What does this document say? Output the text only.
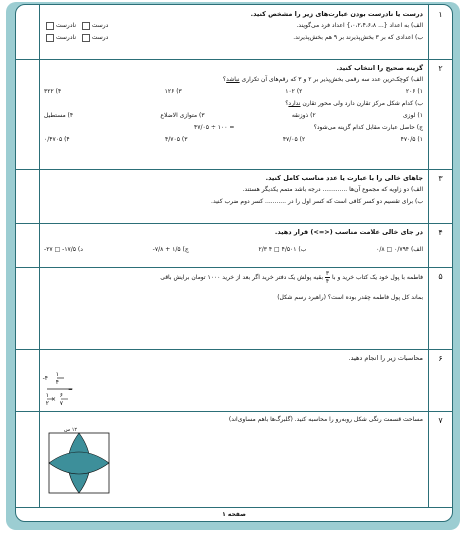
۱
درست یا نادرست بودن عبارت‌های زیر را مشخص کنید.
الف) به اعداد {... ۰،۲،۴،۶،۸،} اعداد فرد می‌گویند.
درست  نادرست
ب) اعدادی که بر ۳ بخش‌پذیرند بر ۹ هم بخش‌پذیرند.
درست  نادرست
۲
گزینه صحیح را انتخاب کنید.
الف) کوچک‌ترین عدد سه رقمی بخش‌پذیر بر ۲ و ۳ که رقم‌های آن تکراری نباشد؟
۱) ۲۰۶
۲) ۱۰۲
۳) ۱۲۶
۴) ۳۲۲
ب) کدام شکل مرکز تقارن دارد ولی محور تقارن ندارد؟
۱) لوزی
۲) ذوزنقه
۳) متوازی الاضلاع
۴) مستطیل
ج) حاصل عبارت مقابل کدام گزینه می‌شود؟
۴۷/۰۵ ÷ ۱۰۰ =
۱) ۴۷۰/۵
۲) ۴۷/۰۵
۳) ۴/۷۰۵
۴) ۰/۴۷۰۵
۳
جاهای خالی را با عبارت یا عدد مناسب کامل کنید.
الف) دو زاویه که مجموع آن‌ها ............. درجه باشد متمم یکدیگر هستند.
ب) برای تقسیم دو کسر کافی است که کسر اول را در ........... کسر دوم ضرب کنید.
۴
در جای خالی علامت مناسب (<=>) قرار دهید.
الف) ۰/۷۹۴ □ ۰/۸
ب) ۴/۵۰۱ □ ۴ ۲/۳
ج) ۱/۵ + ۷/۸-
د) ۱۷/۵- □ ۲۷-
۵
فاطمه با پول خود یک کتاب خرید و با
$\frac{۳}{۴}$ بقیه پولش یک دفتر خرید اگر بعد از خرید ۱۰۰۰ تومان برایش باقی
بماند کل پول فاطمه چقدر بوده است؟ (راهبرد رسم شکل)
۶
محاسبات زیر را انجام دهید.
۴-
۱
۴
=
۱
۲
×
۶
۷
۷
مساحت قسمت رنگی شکل روبه‌رو را محاسبه کنید. (گلبرگ‌ها باهم مساوی‌اند)
۱۲ س
صفحه ۱
